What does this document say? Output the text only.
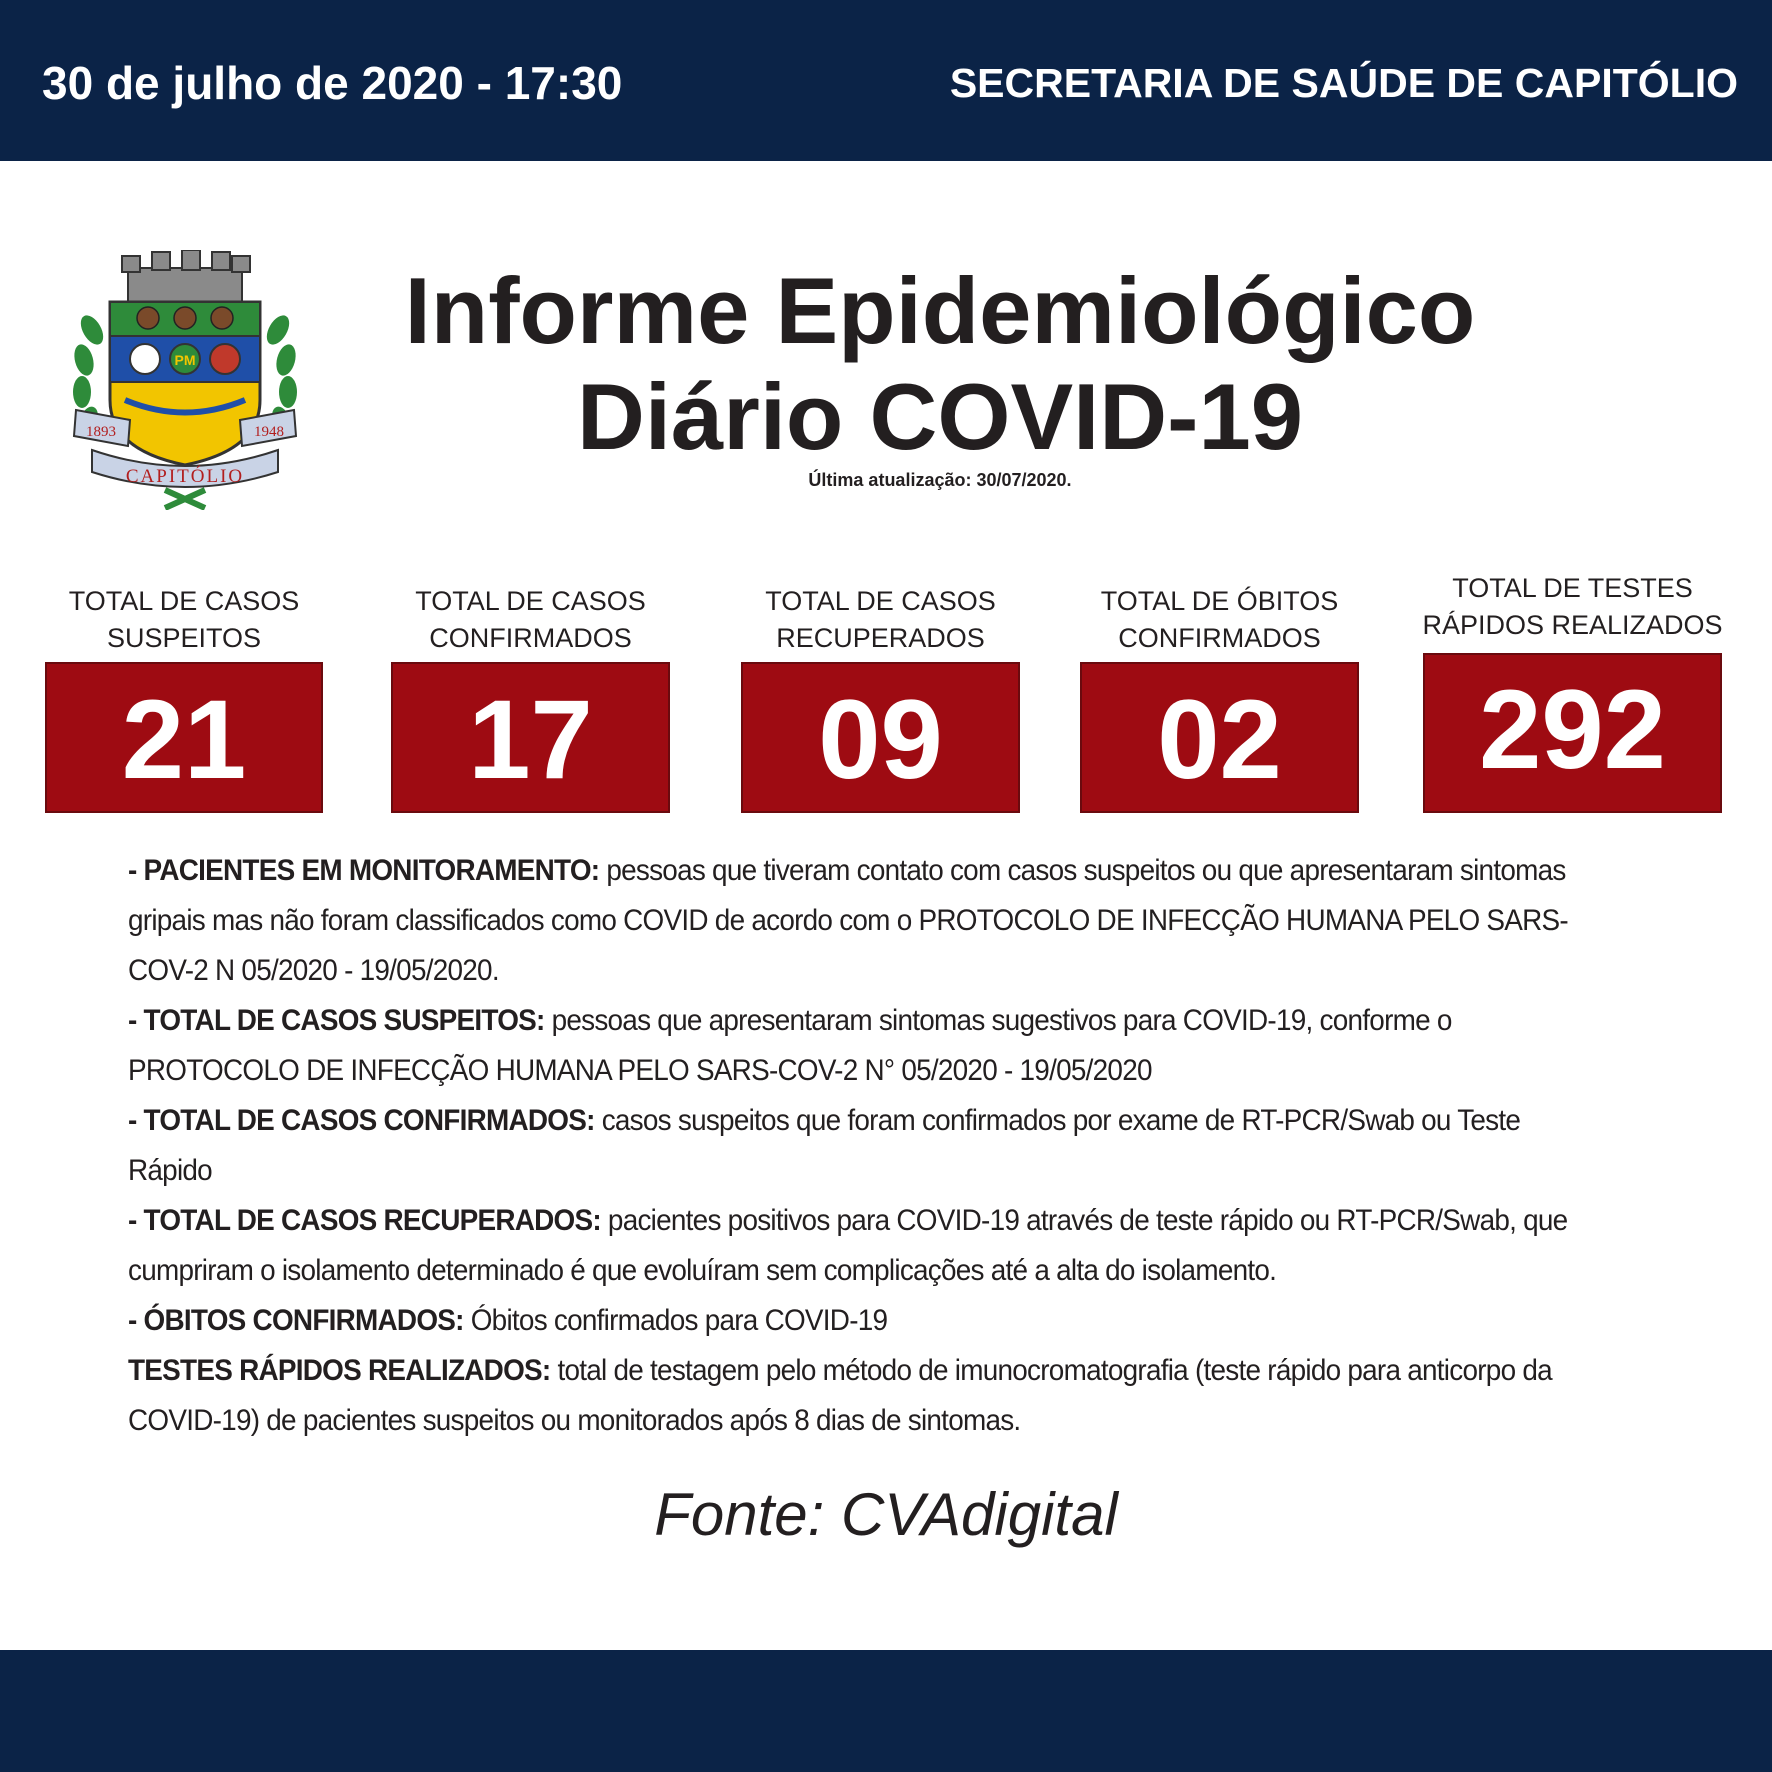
30 de julho de 2020 - 17:30	SECRETARIA DE SAÚDE DE CAPITÓLIO
PM
1893	1948
CAPITÓLIO
Informe Epidemiológico
Diário COVID-19
Última atualização: 30/07/2020.
TOTAL DE CASOS
SUSPEITOS
21
TOTAL DE CASOS
CONFIRMADOS
17
TOTAL DE CASOS
RECUPERADOS
09
TOTAL DE ÓBITOS
CONFIRMADOS
02
TOTAL DE TESTES
RÁPIDOS REALIZADOS
292

- PACIENTES EM MONITORAMENTO: pessoas que tiveram contato com casos suspeitos ou que apresentaram sintomas gripais mas não foram classificados como COVID de acordo com o PROTOCOLO DE INFECÇÃO HUMANA PELO SARS-COV-2 N 05/2020 - 19/05/2020.

- TOTAL DE CASOS SUSPEITOS: pessoas que apresentaram sintomas sugestivos para COVID-19, conforme o PROTOCOLO DE INFECÇÃO HUMANA PELO SARS-COV-2 N° 05/2020 - 19/05/2020

- TOTAL DE CASOS CONFIRMADOS: casos suspeitos que foram confirmados por exame de RT-PCR/Swab ou Teste Rápido

- TOTAL DE CASOS RECUPERADOS: pacientes positivos para COVID-19 através de teste rápido ou RT-PCR/Swab, que cumpriram o isolamento determinado é que evoluíram sem complicações até a alta do isolamento.

- ÓBITOS CONFIRMADOS: Óbitos confirmados para COVID-19

TESTES RÁPIDOS REALIZADOS: total de testagem pelo método de imunocromatografia (teste rápido para anticorpo da COVID-19) de pacientes suspeitos ou monitorados após 8 dias de sintomas.

Fonte: CVAdigital
